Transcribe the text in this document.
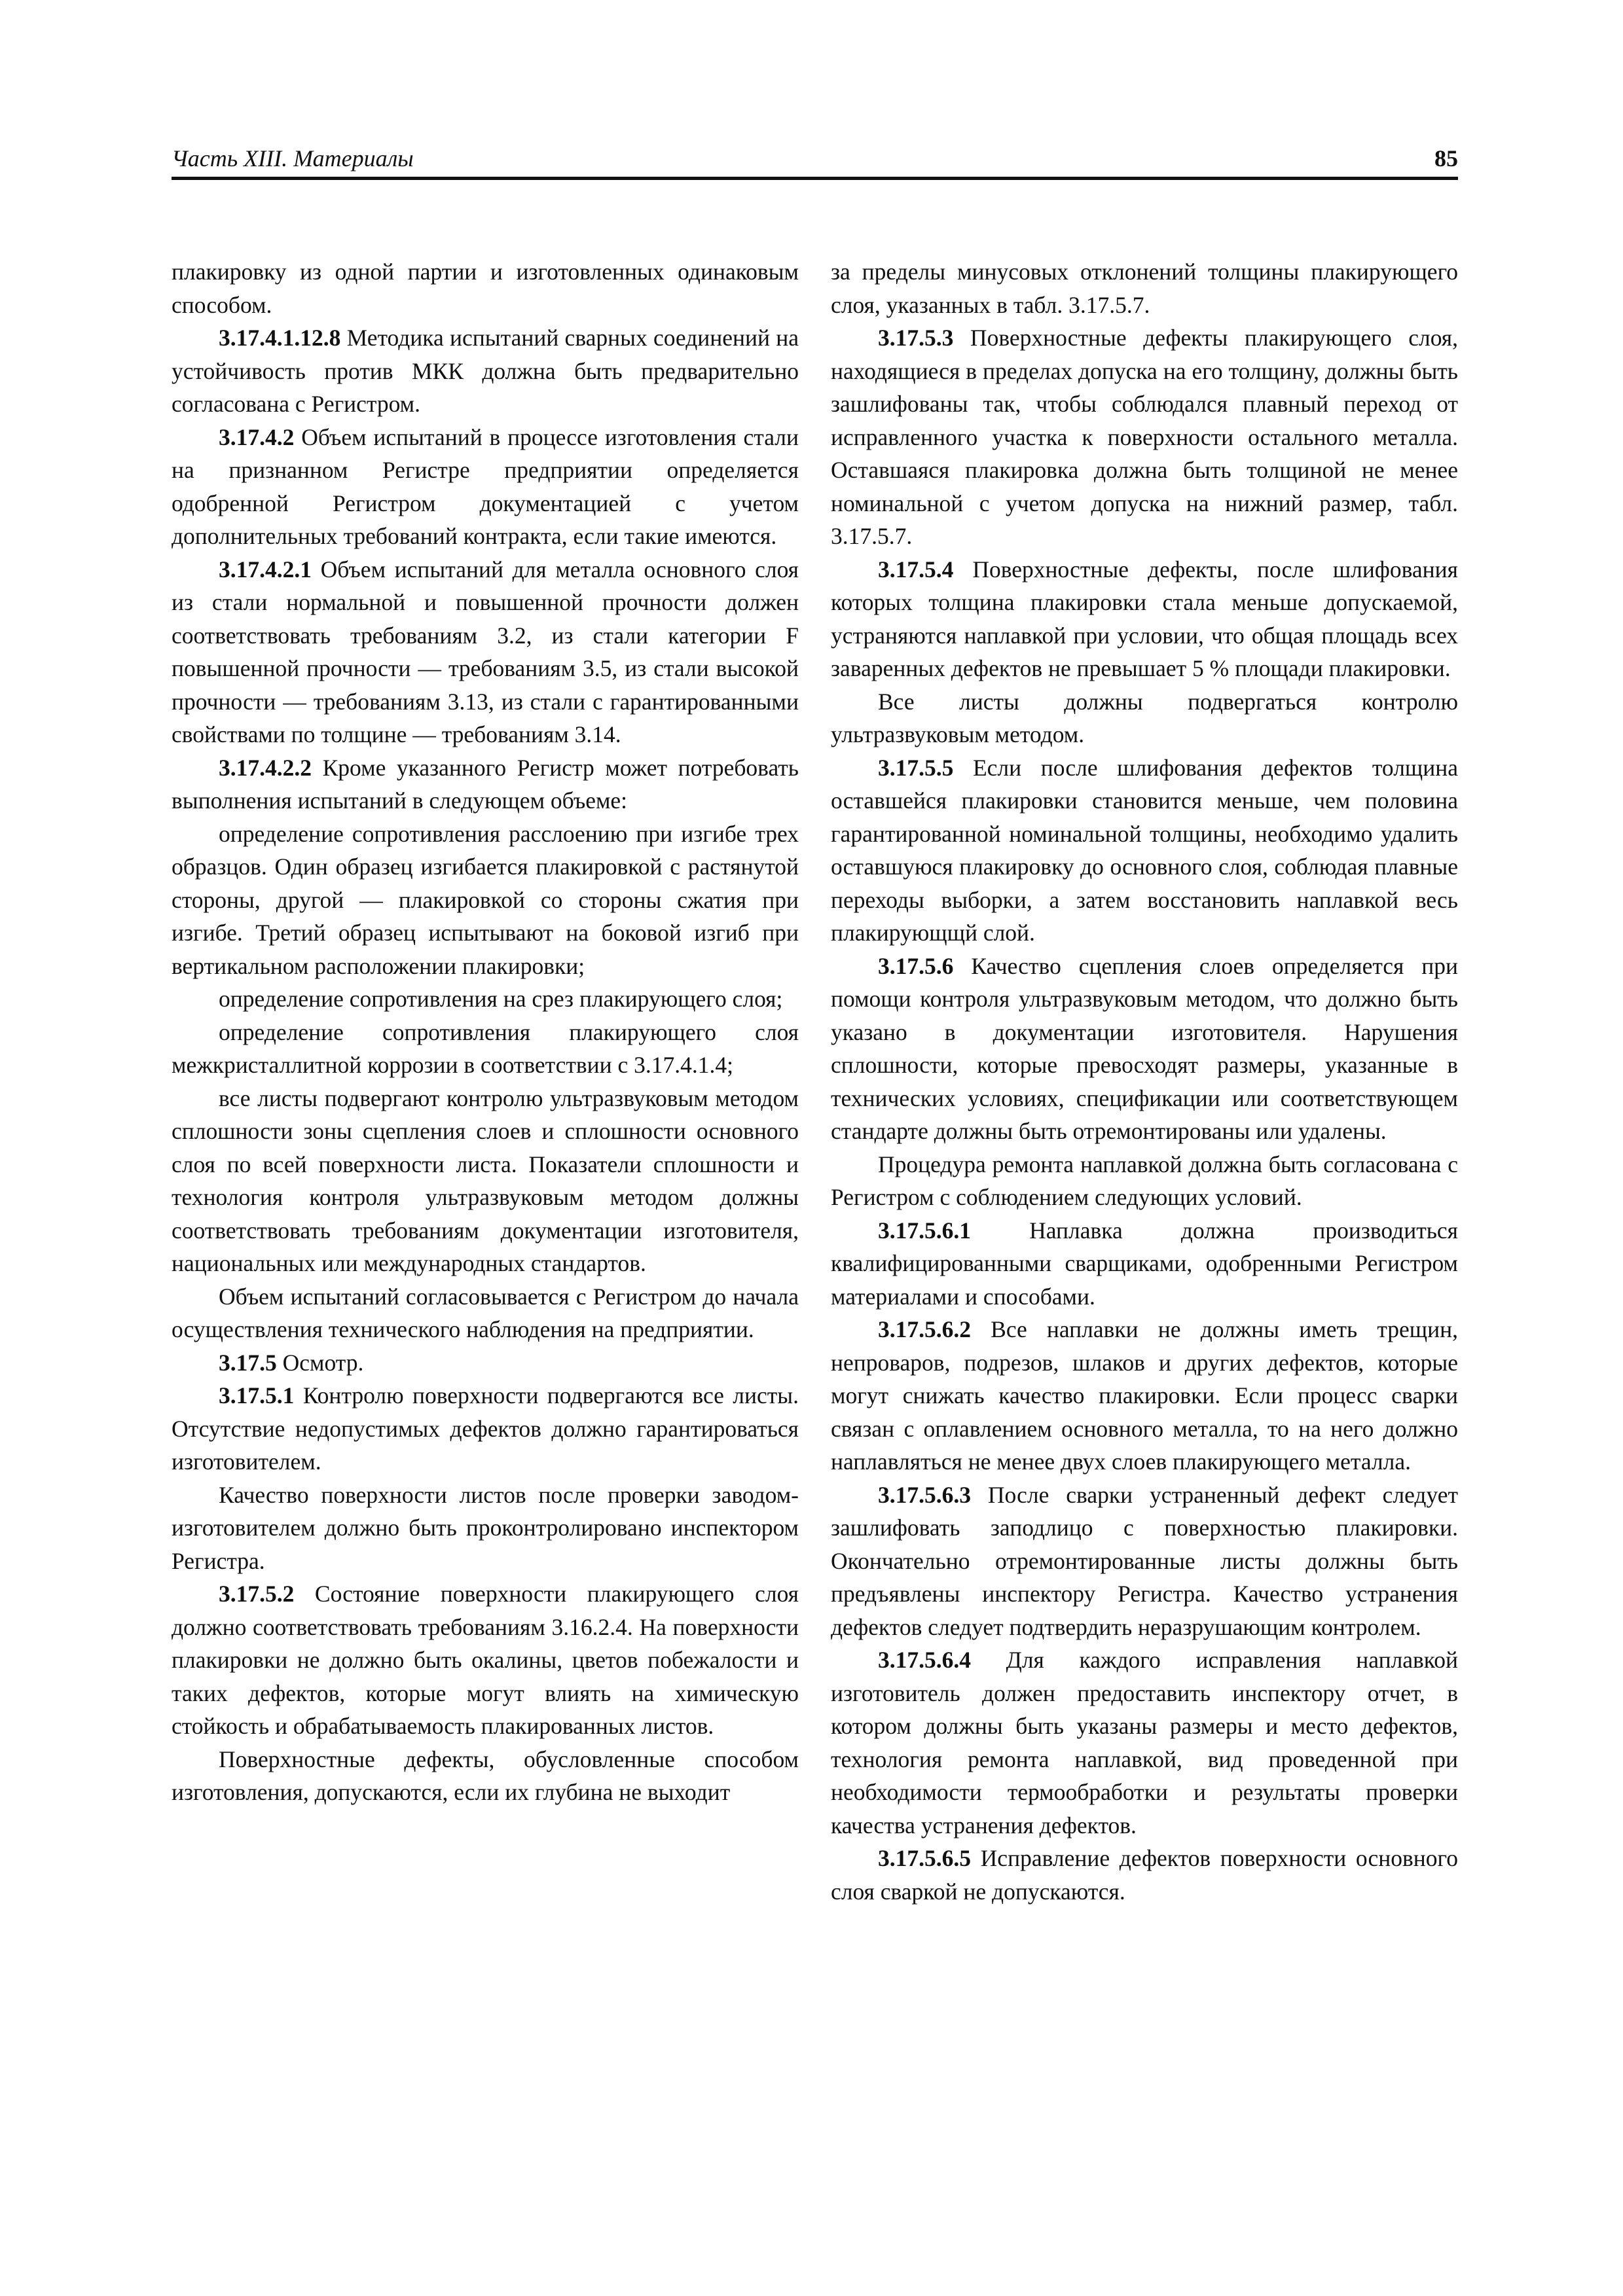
Часть XIII. Материалы	85

плакировку из одной партии и изготовленных одинаковым способом.

3.17.4.1.12.8 Методика испытаний сварных соединений на устойчивость против МКК должна быть предварительно согласована с Регистром.

3.17.4.2 Объем испытаний в процессе изготовления стали на признанном Регистре предприятии определяется одобренной Регистром документацией с учетом дополнительных требований контракта, если такие имеются.

3.17.4.2.1 Объем испытаний для металла основного слоя из стали нормальной и повышенной прочности должен соответствовать требованиям 3.2, из стали категории F повышенной прочности — требованиям 3.5, из стали высокой прочности — требованиям 3.13, из стали с гарантированными свойствами по толщине — требованиям 3.14.

3.17.4.2.2 Кроме указанного Регистр может потребовать выполнения испытаний в следующем объеме:

определение сопротивления расслоению при изгибе трех образцов. Один образец изгибается плакировкой с растянутой стороны, другой — плакировкой со стороны сжатия при изгибе. Третий образец испытывают на боковой изгиб при вертикальном расположении плакировки;

определение сопротивления на срез плакирующего слоя;

определение сопротивления плакирующего слоя межкристаллитной коррозии в соответствии с 3.17.4.1.4;

все листы подвергают контролю ультразвуковым методом сплошности зоны сцепления слоев и сплошности основного слоя по всей поверхности листа. Показатели сплошности и технология контроля ультразвуковым методом должны соответствовать требованиям документации изготовителя, национальных или международных стандартов.

Объем испытаний согласовывается с Регистром до начала осуществления технического наблюдения на предприятии.

3.17.5 Осмотр.

3.17.5.1 Контролю поверхности подвергаются все листы. Отсутствие недопустимых дефектов должно гарантироваться изготовителем.

Качество поверхности листов после проверки заводом-изготовителем должно быть проконтролировано инспектором Регистра.

3.17.5.2 Состояние поверхности плакирующего слоя должно соответствовать требованиям 3.16.2.4. На поверхности плакировки не должно быть окалины, цветов побежалости и таких дефектов, которые могут влиять на химическую стойкость и обрабатываемость плакированных листов.

Поверхностные дефекты, обусловленные способом изготовления, допускаются, если их глубина не выходит

за пределы минусовых отклонений толщины плакирующего слоя, указанных в табл. 3.17.5.7.

3.17.5.3 Поверхностные дефекты плакирующего слоя, находящиеся в пределах допуска на его толщину, должны быть зашлифованы так, чтобы соблюдался плавный переход от исправленного участка к поверхности остального металла. Оставшаяся плакировка должна быть толщиной не менее номинальной с учетом допуска на нижний размер, табл. 3.17.5.7.

3.17.5.4 Поверхностные дефекты, после шлифования которых толщина плакировки стала меньше допускаемой, устраняются наплавкой при условии, что общая площадь всех заваренных дефектов не превышает 5 % площади плакировки.

Все листы должны подвергаться контролю ультразвуковым методом.

3.17.5.5 Если после шлифования дефектов толщина оставшейся плакировки становится меньше, чем половина гарантированной номинальной толщины, необходимо удалить оставшуюся плакировку до основного слоя, соблюдая плавные переходы выборки, а затем восстановить наплавкой весь плакирующщй слой.

3.17.5.6 Качество сцепления слоев определяется при помощи контроля ультразвуковым методом, что должно быть указано в документации изготовителя. Нарушения сплошности, которые превосходят размеры, указанные в технических условиях, спецификации или соответствующем стандарте должны быть отремонтированы или удалены.

Процедура ремонта наплавкой должна быть согласована с Регистром с соблюдением следующих условий.

3.17.5.6.1 Наплавка должна производиться квалифицированными сварщиками, одобренными Регистром материалами и способами.

3.17.5.6.2 Все наплавки не должны иметь трещин, непроваров, подрезов, шлаков и других дефектов, которые могут снижать качество плакировки. Если процесс сварки связан с оплавлением основного металла, то на него должно наплавляться не менее двух слоев плакирующего металла.

3.17.5.6.3 После сварки устраненный дефект следует зашлифовать заподлицо с поверхностью плакировки. Окончательно отремонтированные листы должны быть предъявлены инспектору Регистра. Качество устранения дефектов следует подтвердить неразрушающим контролем.

3.17.5.6.4 Для каждого исправления наплавкой изготовитель должен предоставить инспектору отчет, в котором должны быть указаны размеры и место дефектов, технология ремонта наплавкой, вид проведенной при необходимости термообработки и результаты проверки качества устранения дефектов.

3.17.5.6.5 Исправление дефектов поверхности основного слоя сваркой не допускаются.
